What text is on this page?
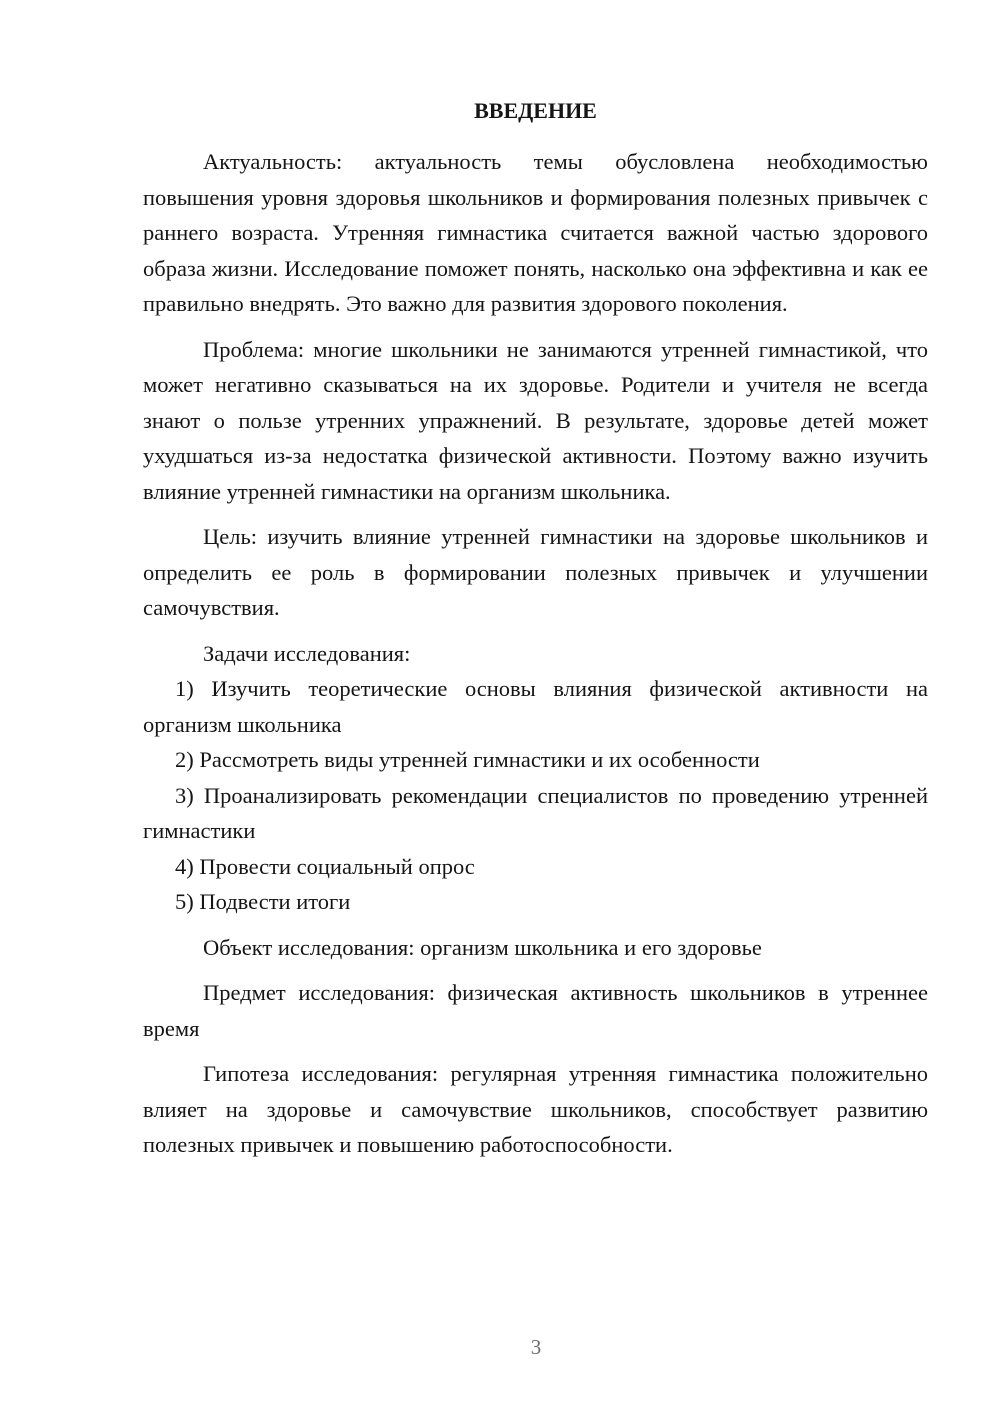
ВВЕДЕНИЕ

Актуальность: актуальность темы обусловлена необходимостью повышения уровня здоровья школьников и формирования полезных привычек с раннего возраста. Утренняя гимнастика считается важной частью здорового образа жизни. Исследование поможет понять, насколько она эффективна и как ее правильно внедрять. Это важно для развития здорового поколения.

Проблема: многие школьники не занимаются утренней гимнастикой, что может негативно сказываться на их здоровье. Родители и учителя не всегда знают о пользе утренних упражнений. В результате, здоровье детей может ухудшаться из-за недостатка физической активности. Поэтому важно изучить влияние утренней гимнастики на организм школьника.

Цель: изучить влияние утренней гимнастики на здоровье школьников и определить ее роль в формировании полезных привычек и улучшении самочувствия.

Задачи исследования:

1) Изучить теоретические основы влияния физической активности на организм школьника

2) Рассмотреть виды утренней гимнастики и их особенности

3) Проанализировать рекомендации специалистов по проведению утренней гимнастики

4) Провести социальный опрос

5) Подвести итоги

Объект исследования: организм школьника и его здоровье

Предмет исследования: физическая активность школьников в утреннее время

Гипотеза исследования: регулярная утренняя гимнастика положительно влияет на здоровье и самочувствие школьников, способствует развитию полезных привычек и повышению работоспособности.

3
